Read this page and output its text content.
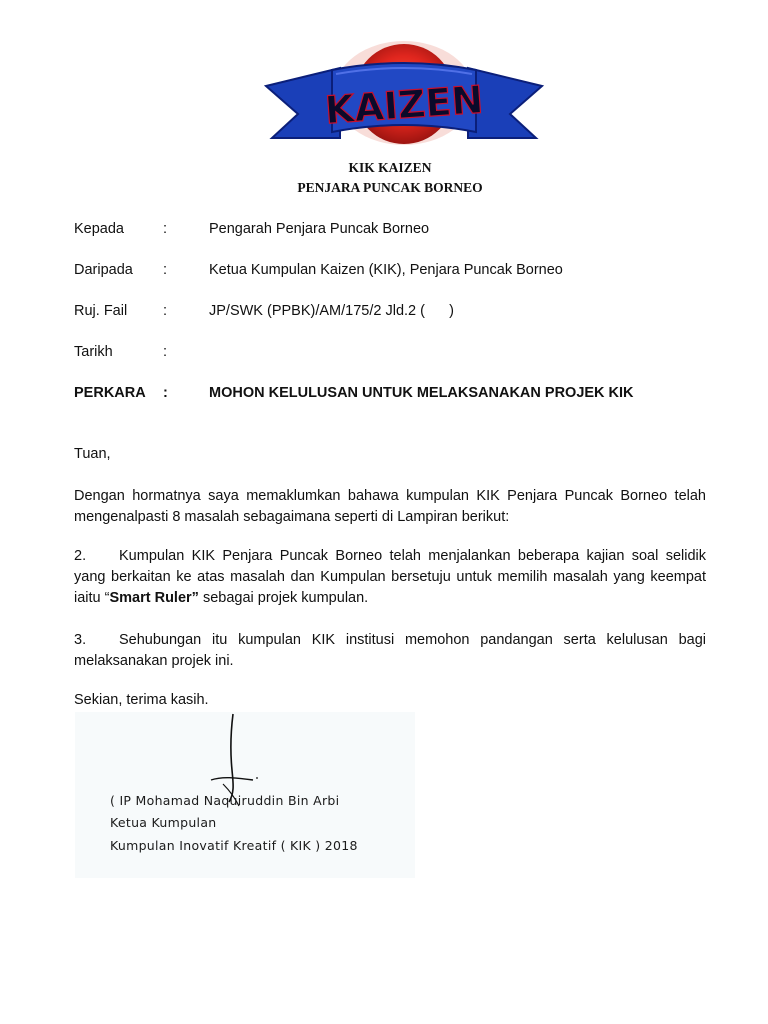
KAIZEN
KIK KAIZEN
PENJARA PUNCAK BORNEO
Kepada	:	Pengarah Penjara Puncak Borneo
Daripada :	Ketua Kumpulan Kaizen (KIK), Penjara Puncak Borneo
Ruj. Fail :	JP/SWK (PPBK)/AM/175/2 Jld.2 (      )
Tarikh	:
PERKARA :	MOHON KELULUSAN UNTUK MELAKSANAKAN PROJEK KIK
Tuan,
Dengan hormatnya saya memaklumkan bahawa kumpulan KIK Penjara Puncak Borneo telah mengenalpasti 8 masalah sebagaimana seperti di Lampiran berikut:
2. Kumpulan KIK Penjara Puncak Borneo telah menjalankan beberapa kajian soal selidik yang berkaitan ke atas masalah dan Kumpulan bersetuju untuk memilih masalah yang keempat iaitu “Smart Ruler” sebagai projek kumpulan.
3. Sehubungan itu kumpulan KIK institusi memohon pandangan serta kelulusan bagi melaksanakan projek ini.
Sekian, terima kasih.
( IP Mohamad Naquiruddin Bin Arbi
Ketua Kumpulan
Kumpulan Inovatif Kreatif ( KIK ) 2018
